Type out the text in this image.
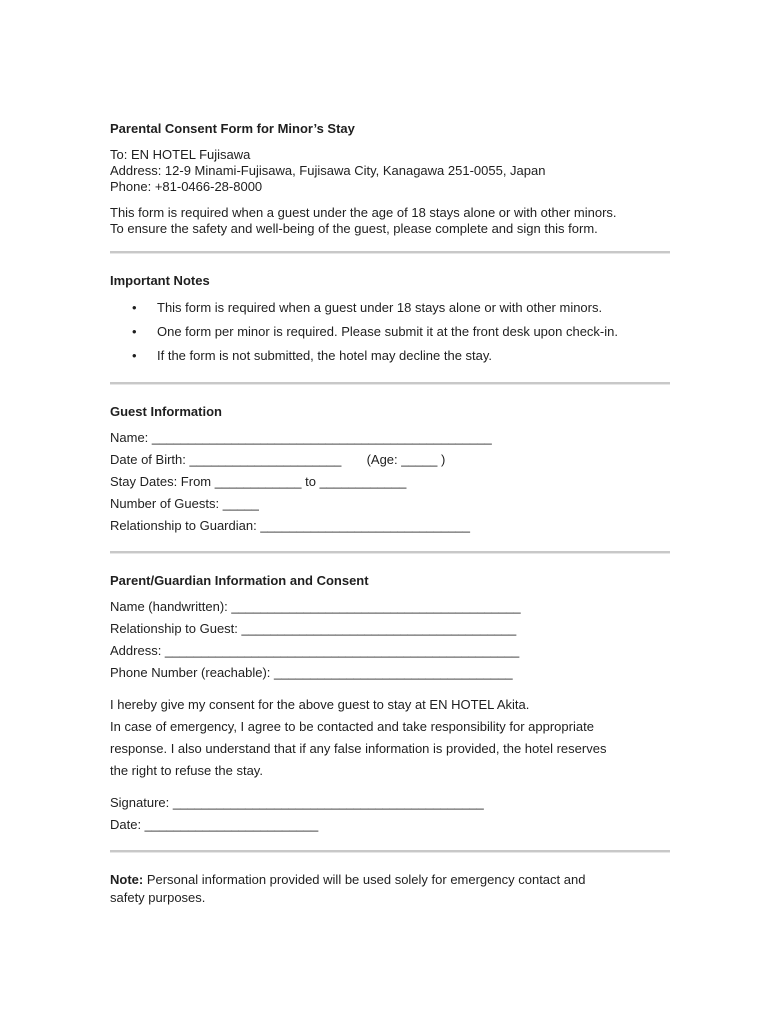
Parental Consent Form for Minor’s Stay
To: EN HOTEL Fujisawa
Address: 12-9 Minami-Fujisawa, Fujisawa City, Kanagawa 251-0055, Japan
Phone: +81-0466-28-8000
This form is required when a guest under the age of 18 stays alone or with other minors.
To ensure the safety and well-being of the guest, please complete and sign this form.
Important Notes
• This form is required when a guest under 18 stays alone or with other minors.
• One form per minor is required. Please submit it at the front desk upon check-in.
• If the form is not submitted, the hotel may decline the stay.
Guest Information
Name: _______________________________________________
Date of Birth: _____________________ (Age: _____ )
Stay Dates: From ____________ to ____________
Number of Guests: _____
Relationship to Guardian: _____________________________
Parent/Guardian Information and Consent
Name (handwritten): ________________________________________
Relationship to Guest: ______________________________________
Address: _________________________________________________
Phone Number (reachable): _________________________________
I hereby give my consent for the above guest to stay at EN HOTEL Akita.
In case of emergency, I agree to be contacted and take responsibility for appropriate
response. I also understand that if any false information is provided, the hotel reserves
the right to refuse the stay.
Signature: ___________________________________________
Date: ________________________
Note: Personal information provided will be used solely for emergency contact and
safety purposes.
